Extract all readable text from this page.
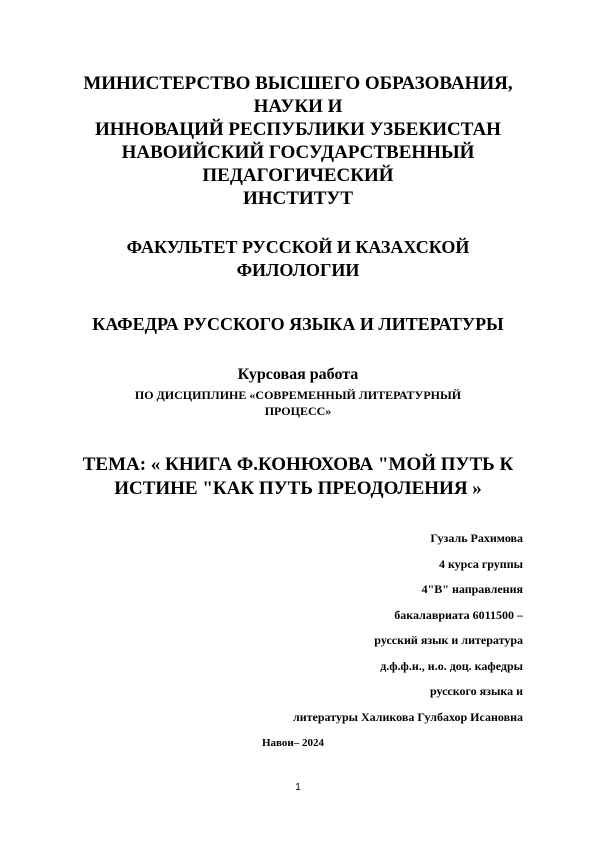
МИНИСТЕРСТВО ВЫСШЕГО ОБРАЗОВАНИЯ,
НАУКИ И
ИННОВАЦИЙ РЕСПУБЛИКИ УЗБЕКИСТАН
НАВОИЙСКИЙ ГОСУДАРСТВЕННЫЙ
ПЕДАГОГИЧЕСКИЙ
ИНСТИТУТ
ФАКУЛЬТЕТ РУССКОЙ И КАЗАХСКОЙ
ФИЛОЛОГИИ
КАФЕДРА РУССКОГО ЯЗЫКА И ЛИТЕРАТУРЫ
Курсовая работа
ПО ДИСЦИПЛИНЕ «СОВРЕМЕННЫЙ ЛИТЕРАТУРНЫЙ
ПРОЦЕСС»
ТЕМА: « КНИГА Ф.КОНЮХОВА "МОЙ ПУТЬ К
ИСТИНЕ "КАК ПУТЬ ПРЕОДОЛЕНИЯ »
Гузаль Рахимова
4 курса группы
4"В" направления
бакалавриата 6011500 –
русский язык и литература
д.ф.ф.н., и.о. доц. кафедры
русского языка и
литературы Халикова Гулбахор Исановна
Навои– 2024
1
